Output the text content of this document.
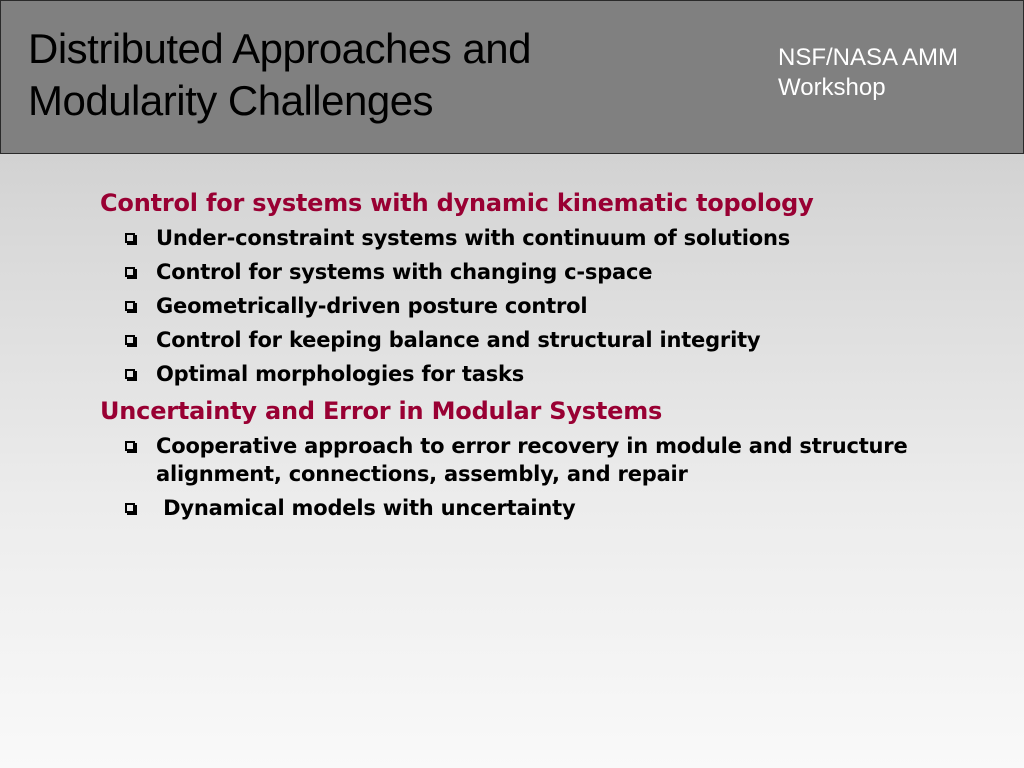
Distributed Approaches and Modularity Challenges
NSF/NASA AMM Workshop
Control for systems with dynamic kinematic topology
Under-constraint systems with continuum of solutions
Control for systems with changing c-space
Geometrically-driven posture control
Control for keeping balance and structural integrity
Optimal morphologies for tasks
Uncertainty and Error in Modular Systems
Cooperative approach to error recovery in module and structure alignment, connections, assembly, and repair
Dynamical models with uncertainty
